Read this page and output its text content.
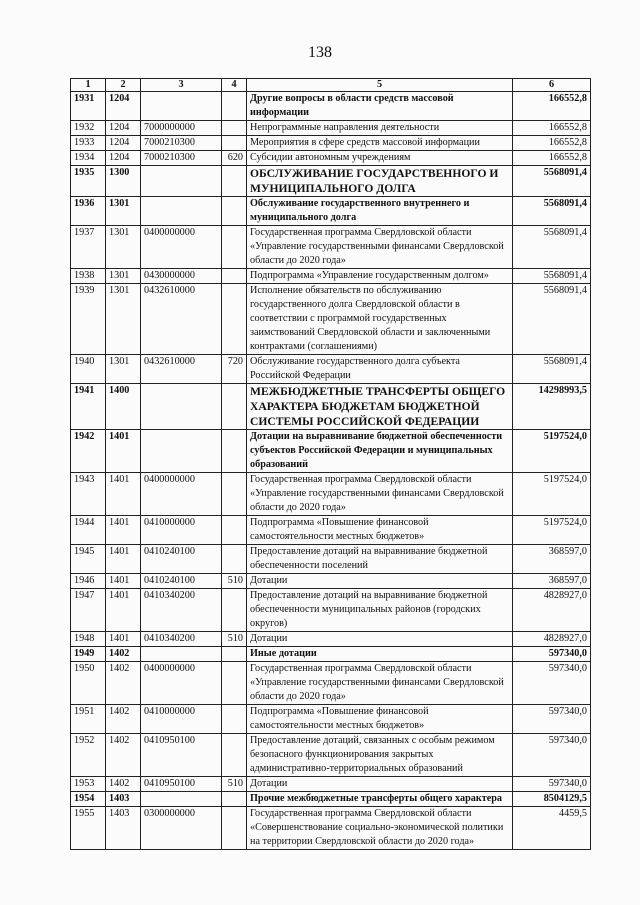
138
1	2	3	4	5	6
1931	1204			Другие вопросы в области средств массовой информации	166552,8
1932	1204	7000000000		Непрограммные направления деятельности	166552,8
1933	1204	7000210300		Мероприятия в сфере средств массовой информации	166552,8
1934	1204	7000210300	620	Субсидии автономным учреждениям	166552,8
1935	1300			ОБСЛУЖИВАНИЕ ГОСУДАРСТВЕННОГО И МУНИЦИПАЛЬНОГО ДОЛГА	5568091,4
1936	1301			Обслуживание государственного внутреннего и муниципального долга	5568091,4
1937	1301	0400000000		Государственная программа Свердловской области «Управление государственными финансами Свердловской области до 2020 года»	5568091,4
1938	1301	0430000000		Подпрограмма «Управление государственным долгом»	5568091,4
1939	1301	0432610000		Исполнение обязательств по обслуживанию государственного долга Свердловской области в соответствии с программой государственных заимствований Свердловской области и заключенными контрактами (соглашениями)	5568091,4
1940	1301	0432610000	720	Обслуживание государственного долга субъекта Российской Федерации	5568091,4
1941	1400			МЕЖБЮДЖЕТНЫЕ ТРАНСФЕРТЫ ОБЩЕГО ХАРАКТЕРА БЮДЖЕТАМ БЮДЖЕТНОЙ СИСТЕМЫ РОССИЙСКОЙ ФЕДЕРАЦИИ	14298993,5
1942	1401			Дотации на выравнивание бюджетной обеспеченности субъектов Российской Федерации и муниципальных образований	5197524,0
1943	1401	0400000000		Государственная программа Свердловской области «Управление государственными финансами Свердловской области до 2020 года»	5197524,0
1944	1401	0410000000		Подпрограмма «Повышение финансовой самостоятельности местных бюджетов»	5197524,0
1945	1401	0410240100		Предоставление дотаций на выравнивание бюджетной обеспеченности поселений	368597,0
1946	1401	0410240100	510	Дотации	368597,0
1947	1401	0410340200		Предоставление дотаций на выравнивание бюджетной обеспеченности муниципальных районов (городских округов)	4828927,0
1948	1401	0410340200	510	Дотации	4828927,0
1949	1402			Иные дотации	597340,0
1950	1402	0400000000		Государственная программа Свердловской области «Управление государственными финансами Свердловской области до 2020 года»	597340,0
1951	1402	0410000000		Подпрограмма «Повышение финансовой самостоятельности местных бюджетов»	597340,0
1952	1402	0410950100		Предоставление дотаций, связанных с особым режимом безопасного функционирования закрытых административно-территориальных образований	597340,0
1953	1402	0410950100	510	Дотации	597340,0
1954	1403			Прочие межбюджетные трансферты общего характера	8504129,5
1955	1403	0300000000		Государственная программа Свердловской области «Совершенствование социально-экономической политики на территории Свердловской области до 2020 года»	4459,5
